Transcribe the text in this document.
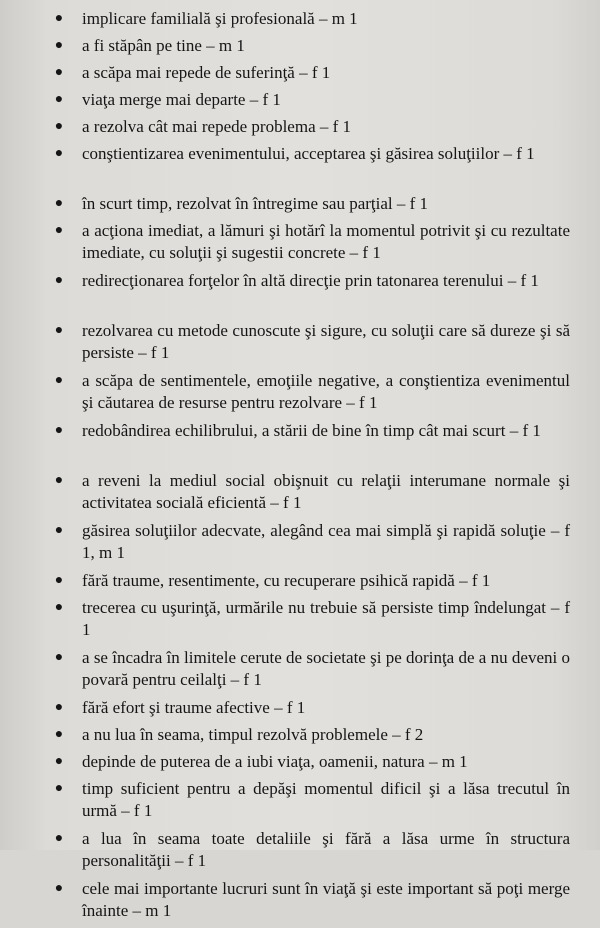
● implicare familială şi profesională – m 1
● a fi stăpân pe tine – m 1
● a scăpa mai repede de suferinţă – f 1
● viaţa merge mai departe – f 1
● a rezolva cât mai repede problema – f 1
● conştientizarea evenimentului, acceptarea şi găsirea soluţiilor – f 1
● în scurt timp, rezolvat în întregime sau parţial – f 1
● a acţiona imediat, a lămuri şi hotărî la momentul potrivit şi cu rezultate imediate, cu soluţii şi sugestii concrete – f 1
● redirecţionarea forţelor în altă direcţie prin tatonarea terenului – f 1
● rezolvarea cu metode cunoscute şi sigure, cu soluţii care să dureze şi să persiste – f 1
● a scăpa de sentimentele, emoţiile negative, a conştientiza evenimentul şi căutarea de resurse pentru rezolvare – f 1
● redobândirea echilibrului, a stării de bine în timp cât mai scurt – f 1
● a reveni la mediul social obişnuit cu relaţii interumane normale şi activitatea socială eficientă – f 1
● găsirea soluţiilor adecvate, alegând cea mai simplă şi rapidă soluţie – f 1, m 1
● fără traume, resentimente, cu recuperare psihică rapidă – f 1
● trecerea cu uşurinţă, urmările nu trebuie să persiste timp îndelungat – f 1
● a se încadra în limitele cerute de societate şi pe dorinţa de a nu deveni o povară pentru ceilalţi – f 1
● fără efort şi traume afective – f 1
● a nu lua în seama, timpul rezolvă problemele – f 2
● depinde de puterea de a iubi viaţa, oamenii, natura – m 1
● timp suficient pentru a depăşi momentul dificil şi a lăsa trecutul în urmă – f 1
● a lua în seama toate detaliile şi fără a lăsa urme în structura personalităţii – f 1
● cele mai importante lucruri sunt în viaţă şi este important să poţi merge înainte – m 1
